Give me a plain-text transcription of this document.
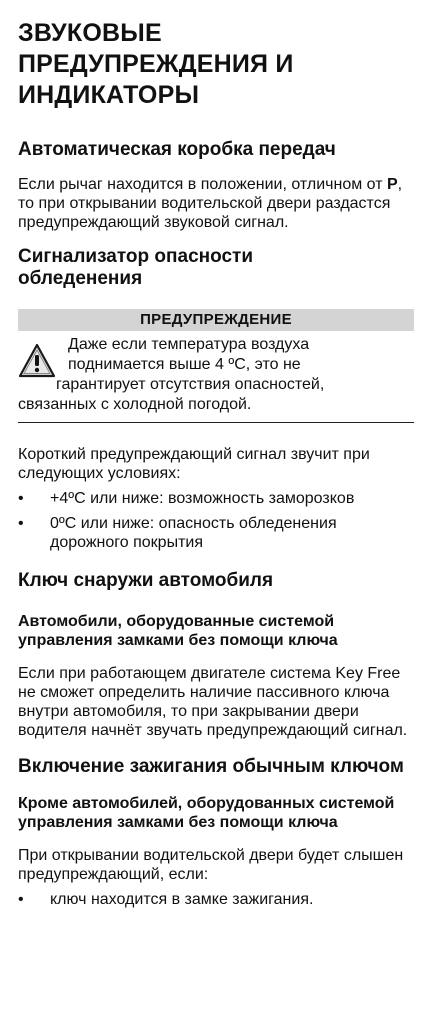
ЗВУКОВЫЕ ПРЕДУПРЕЖДЕНИЯ И ИНДИКАТОРЫ
Автоматическая коробка передач

Если рычаг находится в положении, отличном от P, то при открывании водительской двери раздастся предупреждающий звуковой сигнал.

Сигнализатор опасности
обледенения
ПРЕДУПРЕЖДЕНИЕ
Даже если температура воздуха
поднимается выше 4 ºC, это не
гарантирует отсутствия опасностей,
связанных с холодной погодой.

Короткий предупреждающий сигнал звучит при следующих условиях:

• +4ºC или ниже: возможность заморозков
• 0ºC или ниже: опасность обледенения дорожного покрытия
Ключ снаружи автомобиля
Автомобили, оборудованные системой управления замками без помощи ключа

Если при работающем двигателе система Key Free не сможет определить наличие пассивного ключа внутри автомобиля, то при закрывании двери водителя начнёт звучать предупреждающий сигнал.

Включение зажигания обычным ключом
Кроме автомобилей, оборудованных системой управления замками без помощи ключа

При открывании водительской двери будет слышен предупреждающий, если:

• ключ находится в замке зажигания.
